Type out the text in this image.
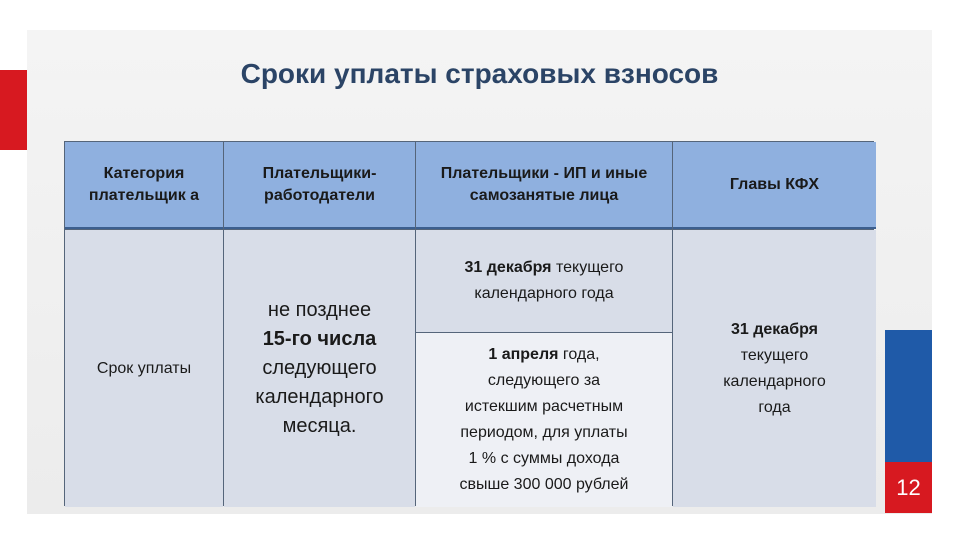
12
Сроки уплаты страховых взносов
Категория плательщик а
Плательщики-работодатели
Плательщики - ИП и иные самозанятые лица
Главы КФХ
Срок уплаты
не позднее
15-го числа
следующего
календарного
месяца.
31 декабря текущего
календарного года
1 апреля года,
следующего за
истекшим расчетным
периодом, для уплаты
1 % с суммы дохода
свыше 300 000 рублей
31 декабря
текущего
календарного
года
